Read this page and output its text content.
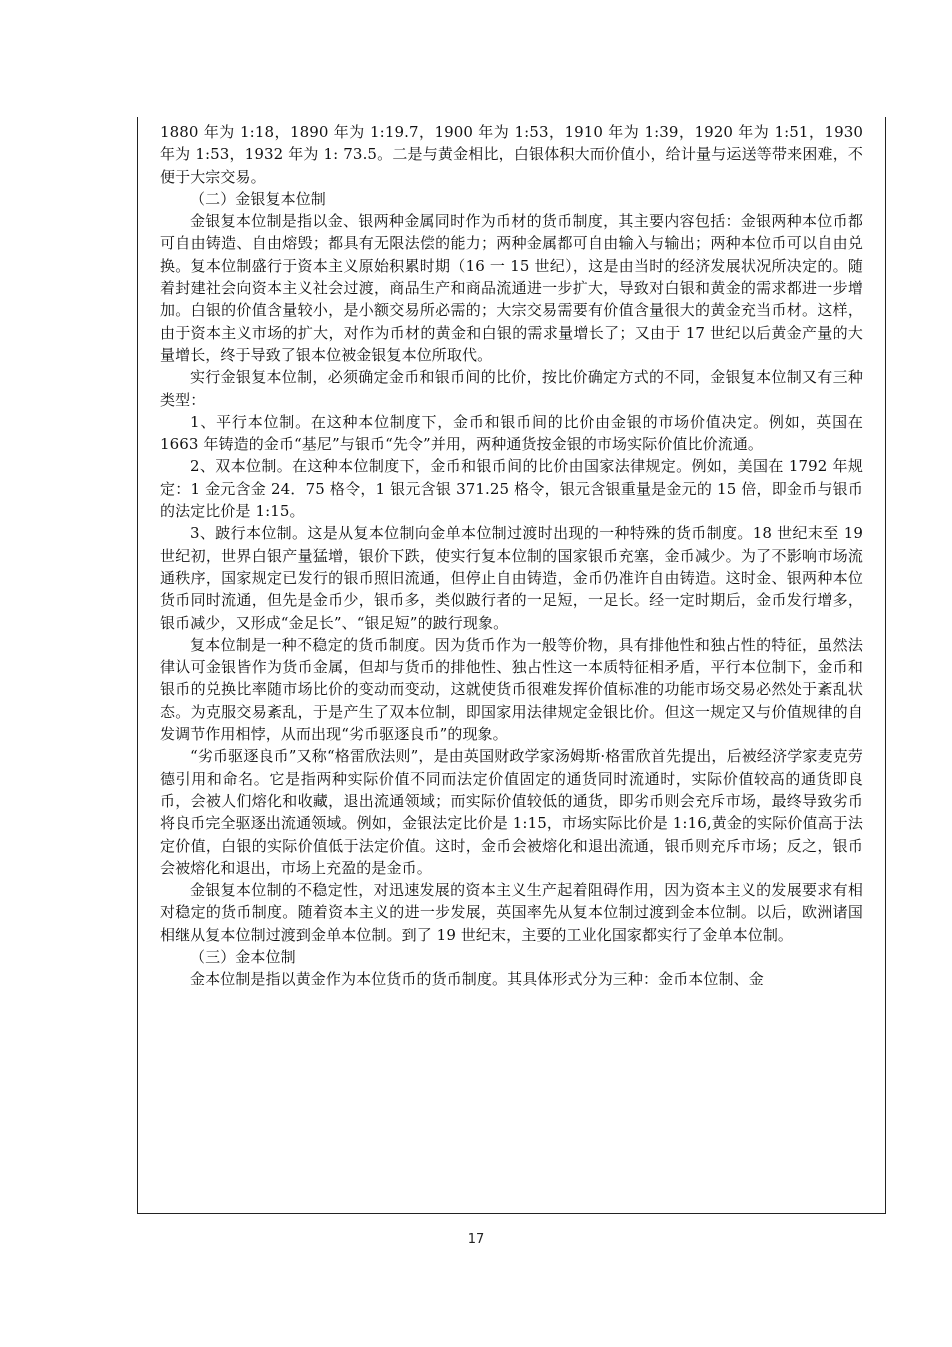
1880 年为 1:18，1890 年为 1:19.7，1900 年为 1:53，1910 年为 1:39，1920 年为 1:51，1930 年为 1:53，1932 年为 1: 73.5。二是与黄金相比，白银体积大而价值小，给计量与运送等带来困难，不便于大宗交易。

（二）金银复本位制

金银复本位制是指以金、银两种金属同时作为币材的货币制度，其主要内容包括：金银两种本位币都可自由铸造、自由熔毁；都具有无限法偿的能力；两种金属都可自由输入与输出；两种本位币可以自由兑换。复本位制盛行于资本主义原始积累时期（16 一 15 世纪），这是由当时的经济发展状况所决定的。随着封建社会向资本主义社会过渡，商品生产和商品流通进一步扩大，导致对白银和黄金的需求都进一步增加。白银的价值含量较小，是小额交易所必需的；大宗交易需要有价值含量很大的黄金充当币材。这样，由于资本主义市场的扩大，对作为币材的黄金和白银的需求量增长了；又由于 17 世纪以后黄金产量的大量增长，终于导致了银本位被金银复本位所取代。

实行金银复本位制，必须确定金币和银币间的比价，按比价确定方式的不同，金银复本位制又有三种类型：

1、平行本位制。在这种本位制度下，金币和银币间的比价由金银的市场价值决定。例如，英国在 1663 年铸造的金币“基尼”与银币“先令”并用，两种通货按金银的市场实际价值比价流通。

2、双本位制。在这种本位制度下，金币和银币间的比价由国家法律规定。例如，美国在 1792 年规定：1 金元含金 24．75 格令，1 银元含银 371.25 格令，银元含银重量是金元的 15 倍，即金币与银币的法定比价是 1:15。

3、跛行本位制。这是从复本位制向金单本位制过渡时出现的一种特殊的货币制度。18 世纪末至 19 世纪初，世界白银产量猛增，银价下跌，使实行复本位制的国家银币充塞，金币减少。为了不影响市场流通秩序，国家规定已发行的银币照旧流通，但停止自由铸造，金币仍准许自由铸造。这时金、银两种本位货币同时流通，但先是金币少，银币多，类似跛行者的一足短，一足长。经一定时期后，金币发行增多，银币减少，又形成“金足长”、“银足短”的跛行现象。

复本位制是一种不稳定的货币制度。因为货币作为一般等价物，具有排他性和独占性的特征，虽然法律认可金银皆作为货币金属，但却与货币的排他性、独占性这一本质特征相矛盾，平行本位制下，金币和银币的兑换比率随市场比价的变动而变动，这就使货币很难发挥价值标准的功能市场交易必然处于紊乱状态。为克服交易紊乱，于是产生了双本位制，即国家用法律规定金银比价。但这一规定又与价值规律的自发调节作用相悖，从而出现“劣币驱逐良币”的现象。

“劣币驱逐良币”又称“格雷欣法则”，是由英国财政学家汤姆斯·格雷欣首先提出，后被经济学家麦克劳德引用和命名。它是指两种实际价值不同而法定价值固定的通货同时流通时，实际价值较高的通货即良币，会被人们熔化和收藏，退出流通领域；而实际价值较低的通货，即劣币则会充斥市场，最终导致劣币将良币完全驱逐出流通领域。例如，金银法定比价是 1:15，市场实际比价是 1:16,黄金的实际价值高于法定价值，白银的实际价值低于法定价值。这时，金币会被熔化和退出流通，银币则充斥市场；反之，银币会被熔化和退出，市场上充盈的是金币。

金银复本位制的不稳定性，对迅速发展的资本主义生产起着阻碍作用，因为资本主义的发展要求有相对稳定的货币制度。随着资本主义的进一步发展，英国率先从复本位制过渡到金本位制。以后，欧洲诸国相继从复本位制过渡到金单本位制。到了 19 世纪末，主要的工业化国家都实行了金单本位制。

（三）金本位制

金本位制是指以黄金作为本位货币的货币制度。其具体形式分为三种：金币本位制、金

17
